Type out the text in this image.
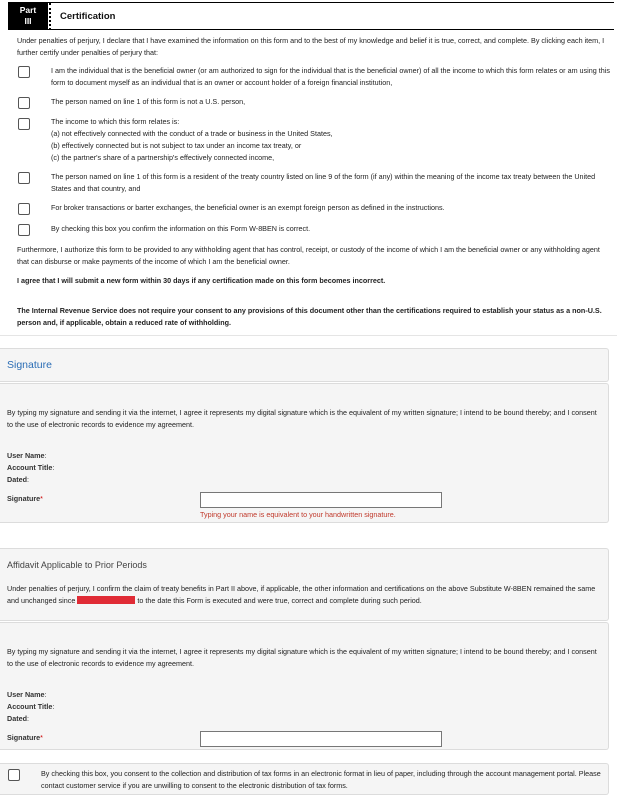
Part
III	Certification
Under penalties of perjury, I declare that I have examined the information on this form and to the best of my knowledge and belief it is true, correct, and complete. By clicking each item, I further certify under penalties of perjury that:
I am the individual that is the beneficial owner (or am authorized to sign for the individual that is the beneficial owner) of all the income to which this form relates or am using this form to document myself as an individual that is an owner or account holder of a foreign financial institution,
The person named on line 1 of this form is not a U.S. person,
The income to which this form relates is:
(a) not effectively connected with the conduct of a trade or business in the United States,
(b) effectively connected but is not subject to tax under an income tax treaty, or
(c) the partner's share of a partnership's effectively connected income,
The person named on line 1 of this form is a resident of the treaty country listed on line 9 of the form (if any) within the meaning of the income tax treaty between the United States and that country, and
For broker transactions or barter exchanges, the beneficial owner is an exempt foreign person as defined in the instructions.
By checking this box you confirm the information on this Form W-8BEN is correct.
Furthermore, I authorize this form to be provided to any withholding agent that has control, receipt, or custody of the income of which I am the beneficial owner or any withholding agent that can disburse or make payments of the income of which I am the beneficial owner.
I agree that I will submit a new form within 30 days if any certification made on this form becomes incorrect.
The Internal Revenue Service does not require your consent to any provisions of this document other than the certifications required to establish your status as a non-U.S. person and, if applicable, obtain a reduced rate of withholding.
Signature
By typing my signature and sending it via the internet, I agree it represents my digital signature which is the equivalent of my written signature; I intend to be bound thereby; and I consent to the use of electronic records to evidence my agreement.
User Name:
Account Title:
Dated:
Signature*
Typing your name is equivalent to your handwritten signature.
Affidavit Applicable to Prior Periods
Under penalties of perjury, I confirm the claim of treaty benefits in Part II above, if applicable, the other information and certifications on the above Substitute W-8BEN remained the same and unchanged since	to the date this Form is executed and were true, correct and complete during such period.
By typing my signature and sending it via the internet, I agree it represents my digital signature which is the equivalent of my written signature; I intend to be bound thereby; and I consent to the use of electronic records to evidence my agreement.
User Name:
Account Title:
Dated:
Signature*
By checking this box, you consent to the collection and distribution of tax forms in an electronic format in lieu of paper, including through the account management portal. Please contact customer service if you are unwilling to consent to the electronic distribution of tax forms.
